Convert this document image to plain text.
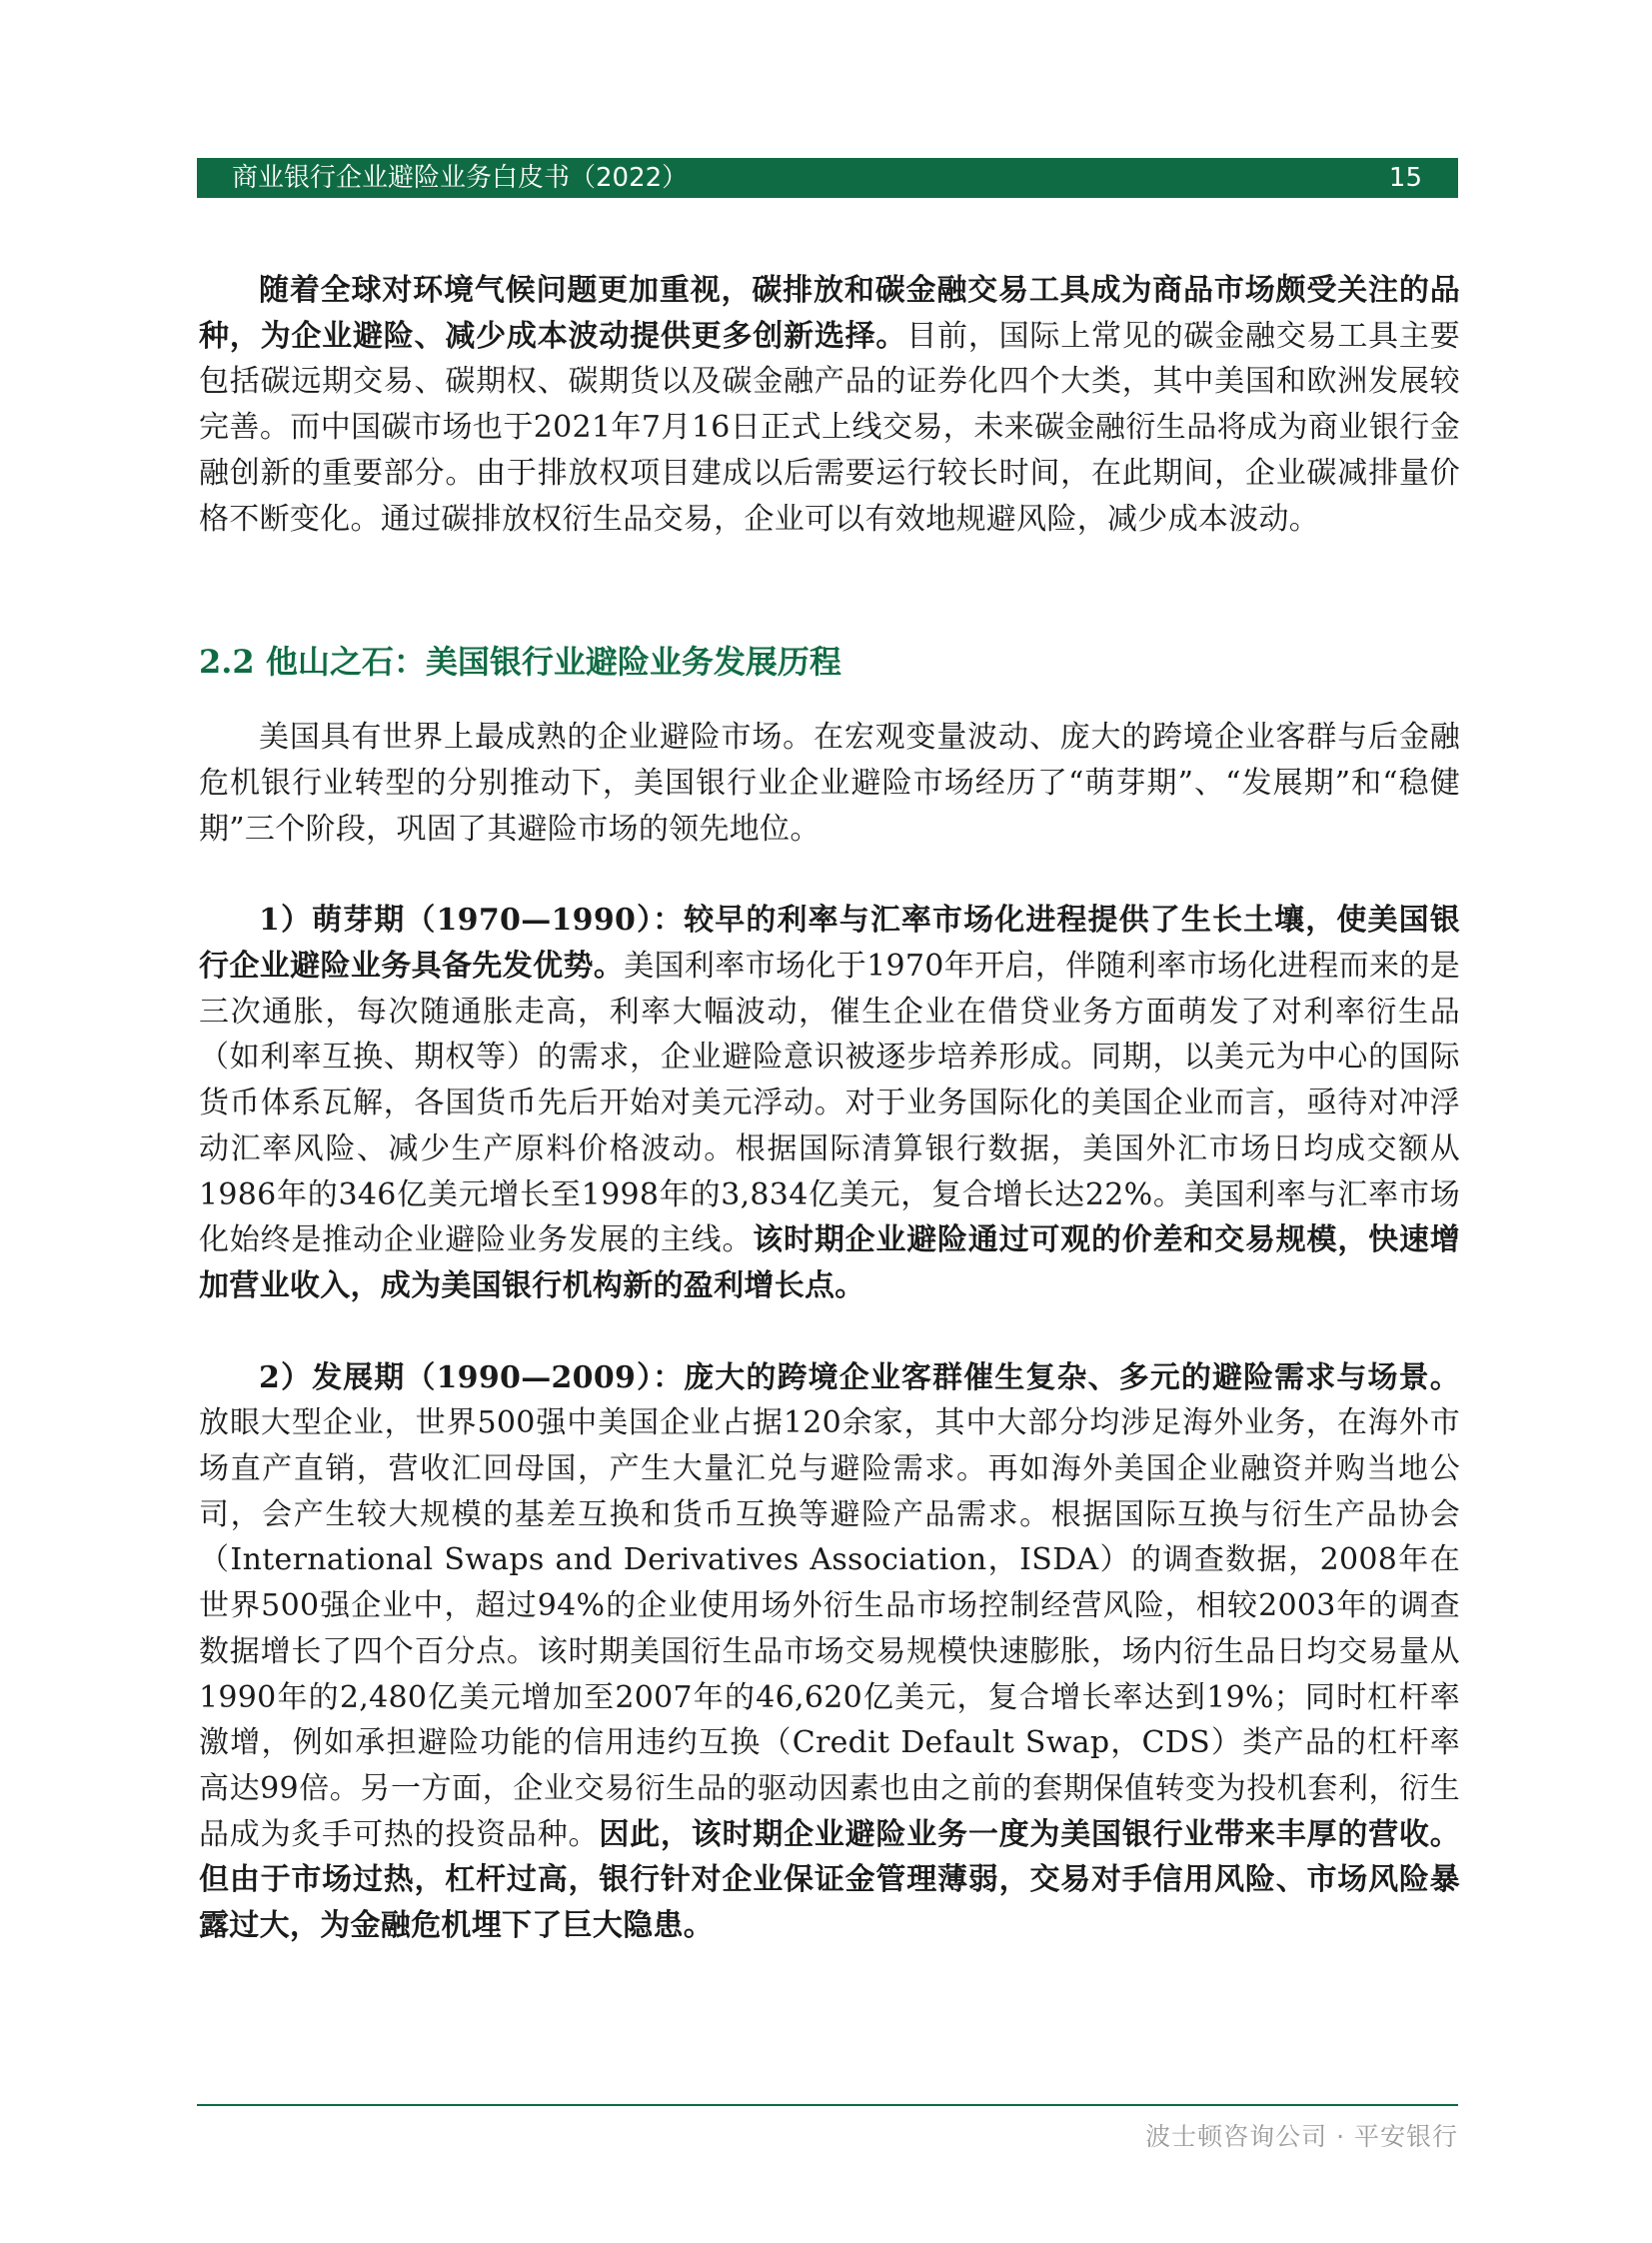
商业银行企业避险业务白皮书（2022）	15

随着全球对环境气候问题更加重视，碳排放和碳金融交易工具成为商品市场颇受关注的品种，为企业避险、减少成本波动提供更多创新选择。目前，国际上常见的碳金融交易工具主要包括碳远期交易、碳期权、碳期货以及碳金融产品的证券化四个大类，其中美国和欧洲发展较完善。而中国碳市场也于2021年7月16日正式上线交易，未来碳金融衍生品将成为商业银行金融创新的重要部分。由于排放权项目建成以后需要运行较长时间，在此期间，企业碳减排量价格不断变化。通过碳排放权衍生品交易，企业可以有效地规避风险，减少成本波动。

2.2 他山之石：美国银行业避险业务发展历程

美国具有世界上最成熟的企业避险市场。在宏观变量波动、庞大的跨境企业客群与后金融危机银行业转型的分别推动下，美国银行业企业避险市场经历了“萌芽期”、“发展期”和“稳健期”三个阶段，巩固了其避险市场的领先地位。

1）萌芽期（1970—1990）：较早的利率与汇率市场化进程提供了生长土壤，使美国银行企业避险业务具备先发优势。美国利率市场化于1970年开启，伴随利率市场化进程而来的是三次通胀，每次随通胀走高，利率大幅波动，催生企业在借贷业务方面萌发了对利率衍生品（如利率互换、期权等）的需求，企业避险意识被逐步培养形成。同期，以美元为中心的国际货币体系瓦解，各国货币先后开始对美元浮动。对于业务国际化的美国企业而言，亟待对冲浮动汇率风险、减少生产原料价格波动。根据国际清算银行数据，美国外汇市场日均成交额从1986年的346亿美元增长至1998年的3,834亿美元，复合增长达22%。美国利率与汇率市场化始终是推动企业避险业务发展的主线。该时期企业避险通过可观的价差和交易规模，快速增加营业收入，成为美国银行机构新的盈利增长点。

2）发展期（1990—2009）：庞大的跨境企业客群催生复杂、多元的避险需求与场景。放眼大型企业，世界500强中美国企业占据120余家，其中大部分均涉足海外业务，在海外市场直产直销，营收汇回母国，产生大量汇兑与避险需求。再如海外美国企业融资并购当地公司，会产生较大规模的基差互换和货币互换等避险产品需求。根据国际互换与衍生产品协会（International Swaps and Derivatives Association，ISDA）的调查数据，2008年在世界500强企业中，超过94%的企业使用场外衍生品市场控制经营风险，相较2003年的调查数据增长了四个百分点。该时期美国衍生品市场交易规模快速膨胀，场内衍生品日均交易量从1990年的2,480亿美元增加至2007年的46,620亿美元，复合增长率达到19%；同时杠杆率激增，例如承担避险功能的信用违约互换（Credit Default Swap，CDS）类产品的杠杆率高达99倍。另一方面，企业交易衍生品的驱动因素也由之前的套期保值转变为投机套利，衍生品成为炙手可热的投资品种。因此，该时期企业避险业务一度为美国银行业带来丰厚的营收。但由于市场过热，杠杆过高，银行针对企业保证金管理薄弱，交易对手信用风险、市场风险暴露过大，为金融危机埋下了巨大隐患。

波士顿咨询公司 · 平安银行
